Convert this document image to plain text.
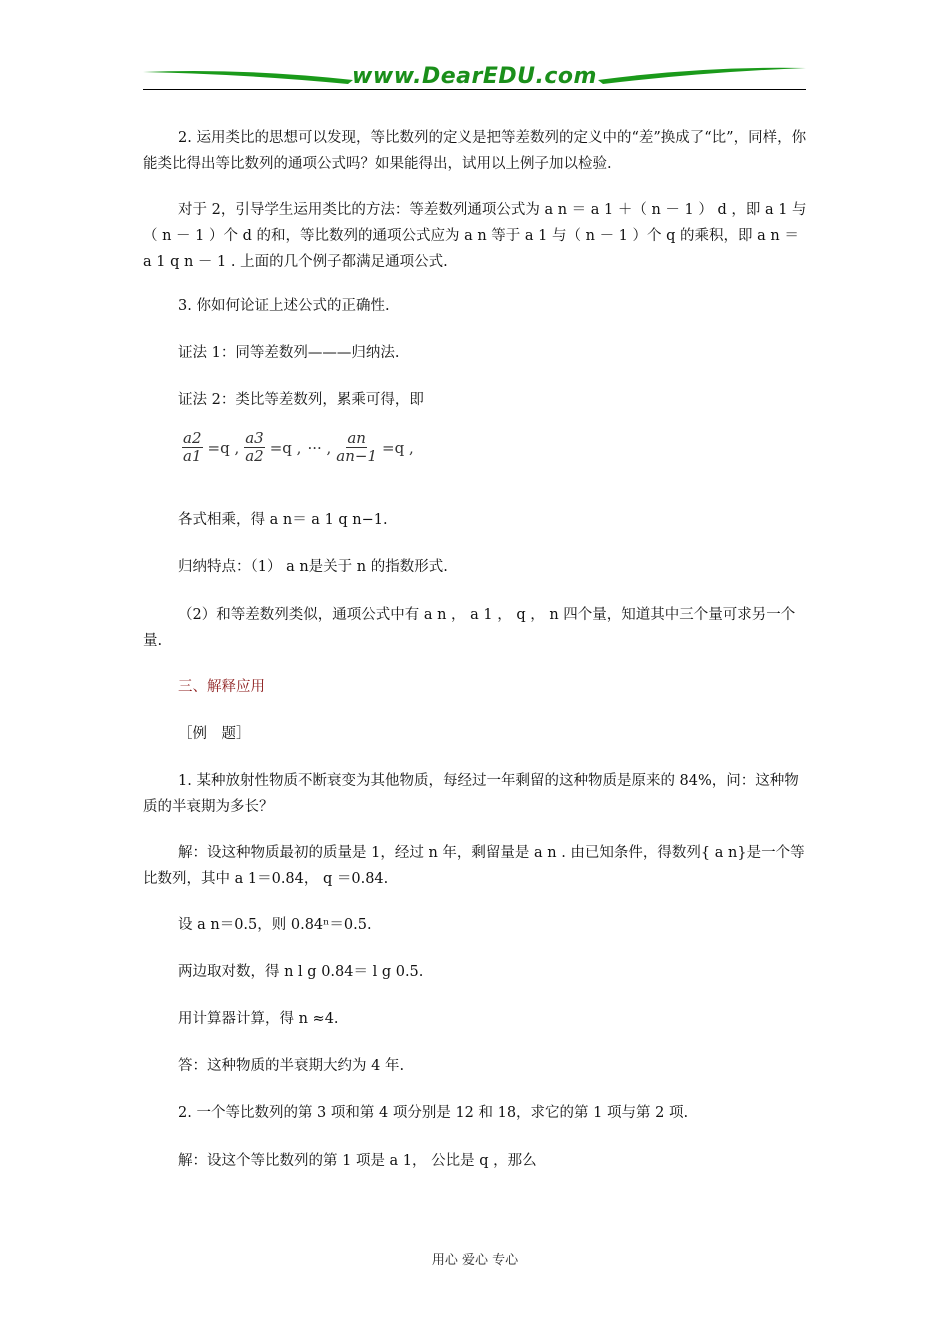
www.DearEDU.com

2. 运用类比的思想可以发现，等比数列的定义是把等差数列的定义中的“差”换成了“比”，同样，你能类比得出等比数列的通项公式吗？如果能得出，试用以上例子加以检验.

对于 2，引导学生运用类比的方法：等差数列通项公式为 a n ＝ a 1 ＋（ n － 1 ） d ，即 a 1 与（ n － 1 ）个 d 的和，等比数列的通项公式应为 a n 等于 a 1 与（ n － 1 ）个 q 的乘积，即 a n ＝ a 1 q n － 1 . 上面的几个例子都满足通项公式.

3. 你如何论证上述公式的正确性.

证法 1：同等差数列———归纳法.

证法 2：类比等差数列，累乘可得，即

$\frac{a2}{a1} =q$ , $\frac{a3}{a2} =q$ , ··· , $\frac{an}{an-1} =q$ ,

各式相乘，得 a n＝ a 1 q n−1.

归纳特点：（1） a n是关于 n 的指数形式.

（2）和等差数列类似，通项公式中有 a n ， a 1 ， q ， n 四个量，知道其中三个量可求另一个量.

三、解释应用

［例　题］

1. 某种放射性物质不断衰变为其他物质，每经过一年剩留的这种物质是原来的 84%，问：这种物质的半衰期为多长？

解：设这种物质最初的质量是 1，经过 n 年，剩留量是 a n . 由已知条件，得数列{ a n}是一个等比数列，其中 a 1＝0.84， q ＝0.84.

设 a n＝0.5，则 0.84ⁿ＝0.5.

两边取对数，得 n l g 0.84＝ l g 0.5.

用计算器计算，得 n ≈4.

答：这种物质的半衰期大约为 4 年.

2. 一个等比数列的第 3 项和第 4 项分别是 12 和 18，求它的第 1 项与第 2 项.

解：设这个等比数列的第 1 项是 a 1， 公比是 q ，那么

用心 爱心 专心
